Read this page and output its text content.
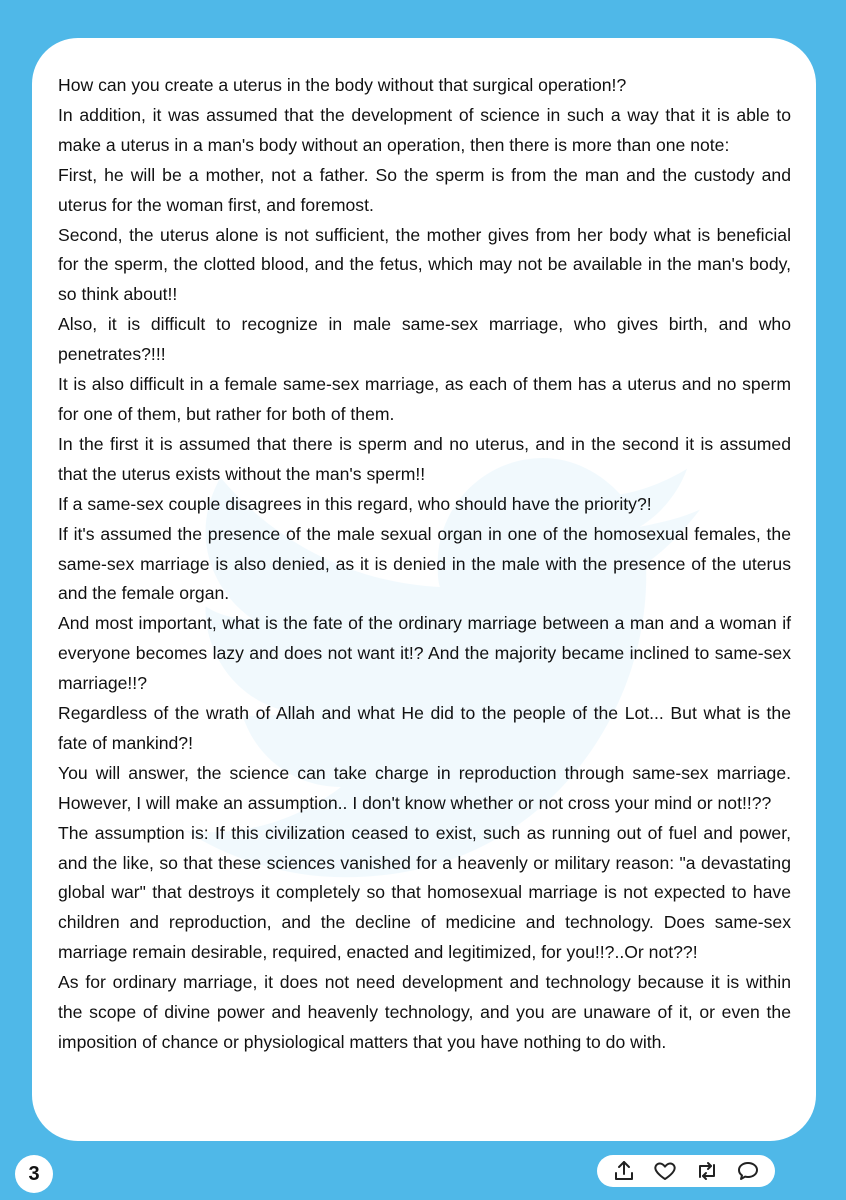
How can you create a uterus in the body without that surgical operation!?

In addition, it was assumed that the development of science in such a way that it is able to make a uterus in a man's body without an operation, then there is more than one note:

First, he will be a mother, not a father. So the sperm is from the man and the custody and uterus for the woman first, and foremost.

Second, the uterus alone is not sufficient, the mother gives from her body what is beneficial for the sperm, the clotted blood, and the fetus, which may not be available in the man's body, so think about!!

Also, it is difficult to recognize in male same-sex marriage, who gives birth, and who penetrates?!!!

It is also difficult in a female same-sex marriage, as each of them has a uterus and no sperm for one of them, but rather for both of them.

In the first it is assumed that there is sperm and no uterus, and in the second it is assumed that the uterus exists without the man's sperm!!

If a same-sex couple disagrees in this regard, who should have the priority?!

If it's assumed the presence of the male sexual organ in one of the homosexual females, the same-sex marriage is also denied, as it is denied in the male with the presence of the uterus and the female organ.

And most important, what is the fate of the ordinary marriage between a man and a woman if everyone becomes lazy and does not want it!? And the majority became inclined to same-sex marriage!!?

Regardless of the wrath of Allah and what He did to the people of the Lot... But what is the fate of mankind?!

You will answer, the science can take charge in reproduction through same-sex marriage. However, I will make an assumption.. I don't know whether or not cross your mind or not!!??

The assumption is: If this civilization ceased to exist, such as running out of fuel and power, and the like, so that these sciences vanished for a heavenly or military reason: "a devastating global war" that destroys it completely so that homosexual marriage is not expected to have children and reproduction, and the decline of medicine and technology. Does same-sex marriage remain desirable, required, enacted and legitimized, for you!!?..Or not??!

As for ordinary marriage, it does not need development and technology because it is within the scope of divine power and heavenly technology, and you are unaware of it, or even the imposition of chance or physiological matters that you have nothing to do with.

3
